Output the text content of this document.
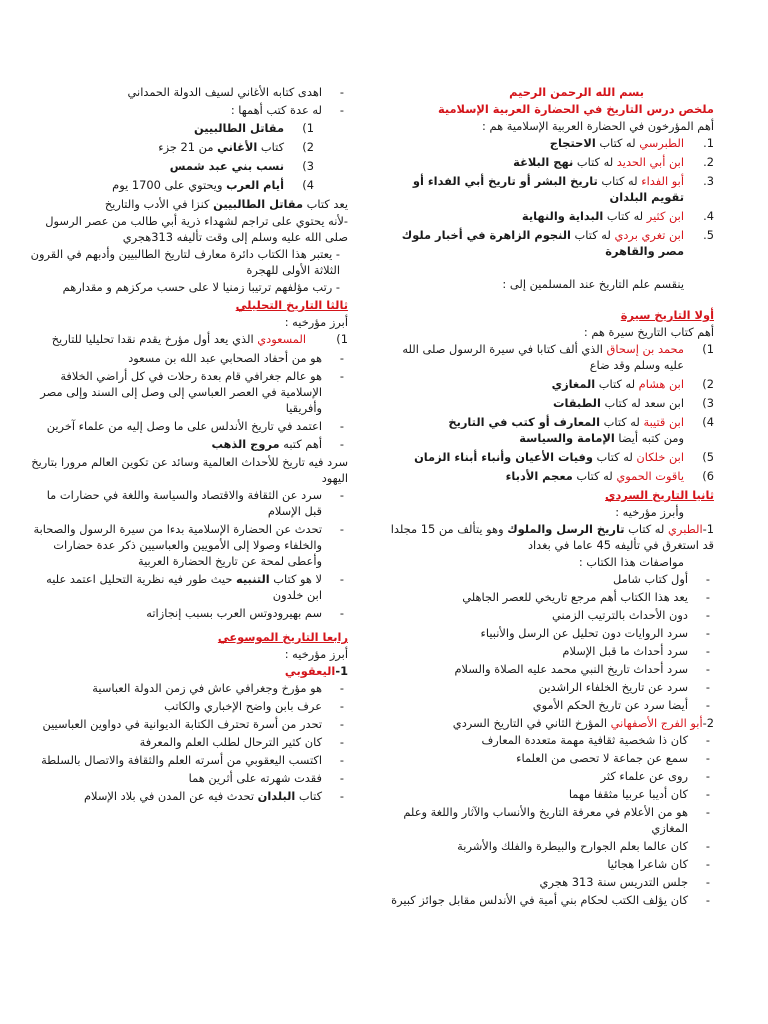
بسم الله الرحمن الرحيم

ملخص درس التاريخ في الحضارة العربية الإسلامية

أهم المؤرخون في الحضارة العربية الإسلامية هم :

1.
الطبرسي له كتاب الاحتجاج
2.
ابن أبي الحديد له كتاب نهج البلاغة
3.
أبو الفداء له كتاب تاريخ البشر أو تاريخ أبي الفداء أو تقويم البلدان
4.
ابن كثير له كتاب البداية والنهاية
5.
ابن تغري بردي له كتاب النجوم الزاهرة في أخبار ملوك مصر والقاهرة

ينقسم علم التاريخ عند المسلمين إلى :

أولا التاريخ سيرة

أهم كتاب التاريخ سيرة هم :

1)
محمد بن إسحاق الذي ألف كتابا في سيرة الرسول صلى الله عليه وسلم وقد ضاع
2)
ابن هشام له كتاب المغازي
3)
ابن سعد له كتاب الطبقات
4)
ابن قتيبة له كتاب المعارف أو كتب في التاريخ
ومن كتبه أيضا الإمامة والسياسة
5)
ابن خلكان له كتاب وفيات الأعيان وأنباء أبناء الزمان
6)
ياقوت الحموي له كتاب معجم الأدباء

ثانيا التاريخ السردي

وأبرز مؤرخيه :

1-الطبري له كتاب تاريخ الرسل والملوك وهو يتألف من 15 مجلدا قد استغرق في تأليفه 45 عاما في بغداد

مواصفات هذا الكتاب :

- أول كتاب شامل
- يعد هذا الكتاب أهم مرجع تاريخي للعصر الجاهلي
- دون الأحداث بالترتيب الزمني
- سرد الروايات دون تحليل عن الرسل والأنبياء
- سرد أحداث ما قبل الإسلام
- سرد أحداث تاريخ النبي محمد عليه الصلاة والسلام
- سرد عن تاريخ الخلفاء الراشدين
- أيضا سرد عن تاريخ الحكم الأموي

2-أبو الفرج الأصفهاني المؤرخ الثاني في التاريخ السردي

- كان ذا شخصية ثقافية مهمة متعددة المعارف
- سمع عن جماعة لا تحصى من العلماء
- روى عن علماء كثر
- كان أديبا عربيا مثقفا مهما
- هو من الأعلام في معرفة التاريخ والأنساب والآثار واللغة وعلم المغازي
- كان عالما بعلم الجوارح والبيطرة والفلك والأشربة
- كان شاعرا هجائيا
- جلس التدريس سنة 313 هجري
- كان يؤلف الكتب لحكام بني أمية في الأندلس مقابل جوائز كبيرة
- اهدى كتابه الأغاني لسيف الدولة الحمداني
- له عدة كتب أهمها :
1)
مقاتل الطالبيين
2)
كتاب الأغاني من 21 جزء
3)
نسب بني عبد شمس
4)
أيام العرب ويحتوي على 1700 يوم

يعد كتاب مقاتل الطالبيين كنزا في الأدب والتاريخ

-لأنه يحتوي على تراجم لشهداء ذرية أبي طالب من عصر الرسول صلى الله عليه وسلم إلى وقت تأليفه 313هجري

- يعتبر هذا الكتاب دائرة معارف لتاريخ الطالبيين وأدبهم في القرون الثلاثة الأولى للهجرة

- رتب مؤلفهم ترتيبا زمنيا لا على حسب مركزهم و مقدارهم

ثالثا التاريخ التحليلي

أبرز مؤرخيه :

1)
المسعودي الذي يعد أول مؤرخ يقدم نقدا تحليليا للتاريخ

- هو من أحفاد الصحابي عبد الله بن مسعود
- هو عالم جغرافي قام بعدة رحلات في كل أراضي الخلافة الإسلامية في العصر العباسي إلى وصل إلى السند وإلى مصر وأفريقيا
- اعتمد في تاريخ الأندلس على ما وصل إليه من علماء آخرين
- أهم كتبه مروج الذهب

سرد فيه تاريخ للأحداث العالمية وسائد عن تكوين العالم مرورا بتاريخ اليهود

- سرد عن الثقافة والاقتصاد والسياسة واللغة في حضارات ما قبل الإسلام
- تحدث عن الحضارة الإسلامية بدءا من سيرة الرسول والصحابة والخلفاء وصولا إلى الأمويين والعباسيين ذكر عدة حضارات وأعطى لمحة عن تاريخ الحضارة العربية
- لا هو كتاب التنبيه حيث طور فيه نظرية التحليل اعتمد عليه ابن خلدون
- سم بهيرودوتس العرب بسبب إنجازاته

رابعا التاريخ الموسوعي

أبرز مؤرخيه :

1-اليعقوبي

- هو مؤرخ وجغرافي عاش في زمن الدولة العباسية
- عرف بابن واضح الإخباري والكاتب
- تحدر من أسرة تحترف الكتابة الديوانية في دواوين العباسيين
- كان كثير الترحال لطلب العلم والمعرفة
- اكتسب اليعقوبي من أسرته العلم والثقافة والاتصال بالسلطة
- فقدت شهرته على أثرين هما
- كتاب البلدان تحدث فيه عن المدن في بلاد الإسلام
